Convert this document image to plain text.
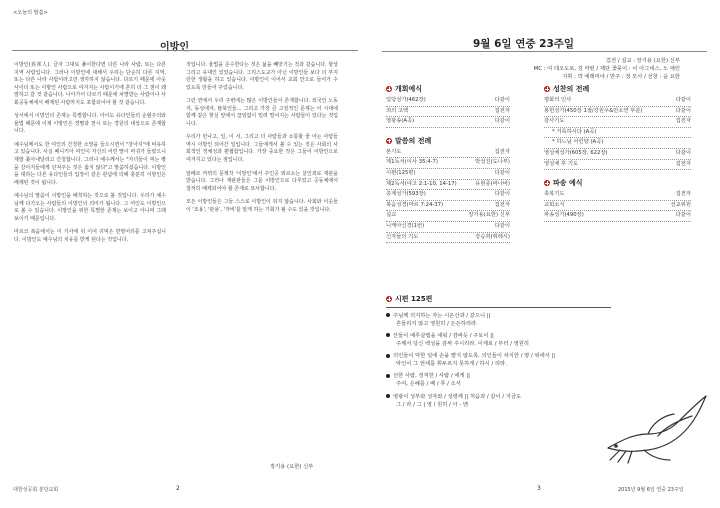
<오늘의 말씀>
이방인

이방인(異邦人). 글자 그대로 풀이한다면 다른 나라 사람, 또는 다른 지역 사람입니다. 그러나 이방인에 대해서 우리는 단순히 다른 지역, 또는 다른 나라 사람이라고만 생각하지 않습니다. 다르기 때문에 아웃사이더 또는 이방인 사람으로 여겨지는 사람이기에 흔히 더 그 점이 왜 말하고 갈 것 같습니다. 나아가서 다르기 때문에 차별받는 사람이나 사회공동체에서 배제된 사람까지도 포함되어야 할 것 같습니다.

성서에서 이방인의 존재는 특별합니다. 아이도 유다인들의 순혈주의와 율법 때문에 이제 이방인은 경멸과 천시 또는 경원의 대상으로 존재합니다.

예수님께서도 한 여인의 간청한 소망을 들으시면서 "강아지"에 비유하고 있습니다. 사실 페니키아 여인이 자신의 어린 딸이 마귀가 들렸으니 제발 좇아내달라고 간청합니다. 그러나 예수께서는 "자녀들이 먹는 빵을 강아지들에게 던져주는 것은 옳지 않다"고 말씀하셨습니다. 이방인을 대하는 다른 유다인들의 입장이 같은 관념에 의해 충분히 이방인은 배제된 것이 됩니다.

예수님의 말씀이 이방인을 배척하는 것으로 볼 것입니다. 우리가 예수님께 다가오는 사람들의 이방인의 의미가 됩니다. 그 여인도 이방인으로 볼 수 있습니다. 이방인을 위한 특별한 존재는 보이고 아니며 그래 보이기 때문입니다.

마르코 복음에서는 이 기사에 뒤 이어 귀먹은 반벙어리를 고쳐주십니다. 이방인도 예수님의 치유를 받게 된다는 것입니다.

것입니다. 율법을 준수한다는 것은 삶을 빼앗기는 것과 같습니다. 항상 그리고 유대인 있었습니다. 그리스도교가 아닌 이방인들 보다 더 부지런한 생활을 하고 있습니다. 이방인이 이어서 교회 안으로 들어가 수 있도록 만들어 주었습니다.

그런 면에서 우리 주변에는 많은 이방인들이 존재합니다. 외국인 노동자, 동성애자, 탈북인들... 그리고 가장 큰 고질적인 문제는 이 시대에 함께 같은 현실 앞에서 끊임없이 밀려 떨어지는 사람들이 있다는 것입니다.

우리가 만나고, 일, 이 서, 그리고 더 사람들과 소통할 줄 아는 사람들 역시 이방인 되어간 일입니다. 그들에게서 볼 수 있는 것은 사회의 사회적인 정체성과 편협함입니다. 가장 중요한 것은 그들이 이방인으로 여겨지고 있다는 점입니다.

알베르 까뮈의 문제작 '이방인'에서 주인공 뫼르소는 살인죄로 재판을 받습니다. 그러나 재판관들은 그를 이방인으로 다루었고 공동체에서 철저히 배제되어야 할 존재로 묘사합니다.

모든 이방인들은 그들 스스로 이방인이 되지 않습니다. 사회와 이웃들이 '조용', '관용', '자비'를 알게 하는 기회가 될 수도 있을 것입니다.

장기용 (요한) 신부
대한성공회 분당교회	2
9월 6일 연중 23주일
집전 / 설교 : 장기용 (요한) 신부
MC : 여 데오도로, 김 마틴 / 제단 꽃꽂이 : 이 아그네스, 노 애린
지휘 : 박 예레미야 / 반주 : 정 모사 / 선창 : 윤 요한
개회예식
입당성가(462장)	다같이
죄의 고백	집전자
영광송(A곡)	다같이
말씀의 전례
본기도	집전자
제1독서(이사 35:4-7)	박성진(도나부)
시편(125편)	다같이
제2독서(야고 2:1-10, 14-17)	유현종(바나바)
층계성가(593장)	다같이
복음성경(마르 7:24-37)	집전자
설교	장기용(요한) 신부
니케아신경(1번)	다같이
신자들의 기도	강승희(휘레시)
성찬의 전례
평화의 인사	다같이
봉헌성가(450장 1절/강원우&안소연 부분)	다같이
감사기도	집전자
* 거룩하시다 (A곡)
* 하느님 어린양 (A곡)
영성체성가(605장, 622장)	다같이
영성체 후 기도	집전자
파송 예식
축복기도	집전자
교회소식	선교위원
파송성가(490장)	다같이
시편 125편
주님께 의지하는 자는 시온산과 / 같으니 ||
흔들리지 않고 영원히 / 든든하리라.
산들이 예루살렘을 에워 / 감싸듯 / 주토이 ||
주께서 당신 백성을 감싸 주시리라. 이제로 / 부터 / 영원히
의인들이 악한 일에 손을 뻗지 않도록, 의인들이 차지한 / 땅 / 위에서 ||
악인이 그 권세를 휘두르지 못하게 / 하시 / 리라.
선한 사람, 정직한 / 사람 / 에게 ||
주여, 은혜를 / 베 / 푸 / 소서
영광이 성부와 성자와 / 성령께 || 처음과 / 같이 / 지금도
그 / 라 / 그 | 영 / 원히 / 아 - 멘
3	2015년 9월 6일 연중 23주일
